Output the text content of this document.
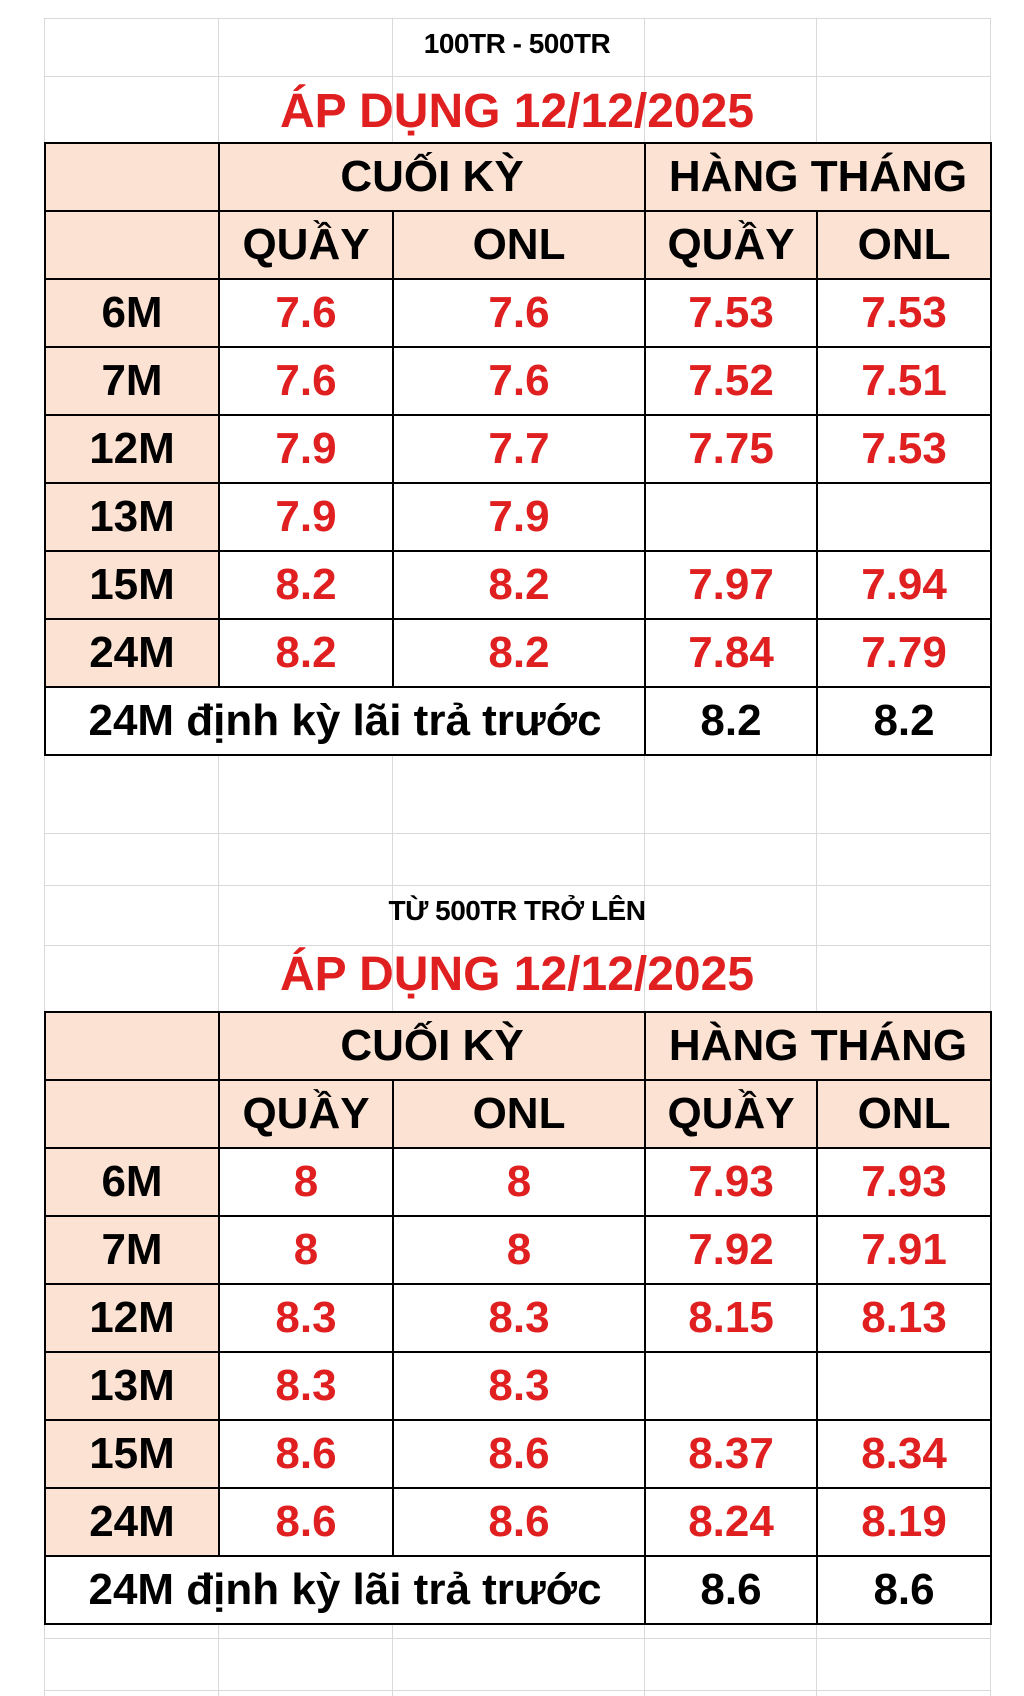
100TR - 500TR
ÁP DỤNG 12/12/2025
	CUỐI KỲ		HÀNG THÁNG	
	QUẦY	ONL	QUẦY	ONL
6M	7.6	7.6	7.53	7.53
7M	7.6	7.6	7.52	7.51
12M	7.9	7.7	7.75	7.53
13M	7.9	7.9		
15M	8.2	8.2	7.97	7.94
24M	8.2	8.2	7.84	7.79
24M định kỳ lãi trả trước			8.2	8.2
TỪ 500TR TRỞ LÊN
ÁP DỤNG 12/12/2025
	CUỐI KỲ		HÀNG THÁNG	
	QUẦY	ONL	QUẦY	ONL
6M	8	8	7.93	7.93
7M	8	8	7.92	7.91
12M	8.3	8.3	8.15	8.13
13M	8.3	8.3		
15M	8.6	8.6	8.37	8.34
24M	8.6	8.6	8.24	8.19
24M định kỳ lãi trả trước			8.6	8.6
